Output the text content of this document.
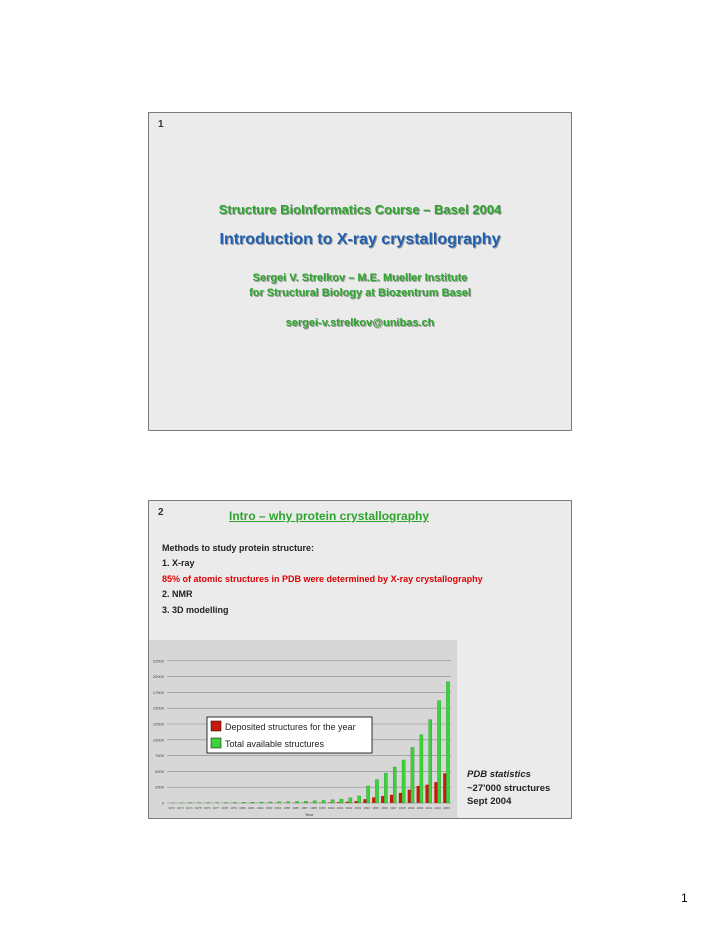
1
Structure BioInformatics Course – Basel 2004
Introduction to X-ray crystallography
Sergei V. Strelkov – M.E. Mueller Institute
for Structural Biology at Biozentrum Basel
sergei-v.strelkov@unibas.ch
2	Intro – why protein crystallography
Methods to study protein structure:
1. X-ray
85% of atomic structures in PDB were determined by X-ray crystallography
2. NMR
3. 3D modelling
0
2500
5000
7500
10000
12500
15000
17500
20000
22500
1972 1973 1974 1975 1976 1977 1978 1979 1980 1981 1982 1983 1984 1985 1986 1987 1988 1989 1990 1991 1992 1993 1994 1995 1996 1997 1998 1999 2000 2001 2002 2003
Year
Deposited structures for the year
Total available structures
PDB statistics
~27'000 structures
Sept 2004
1
